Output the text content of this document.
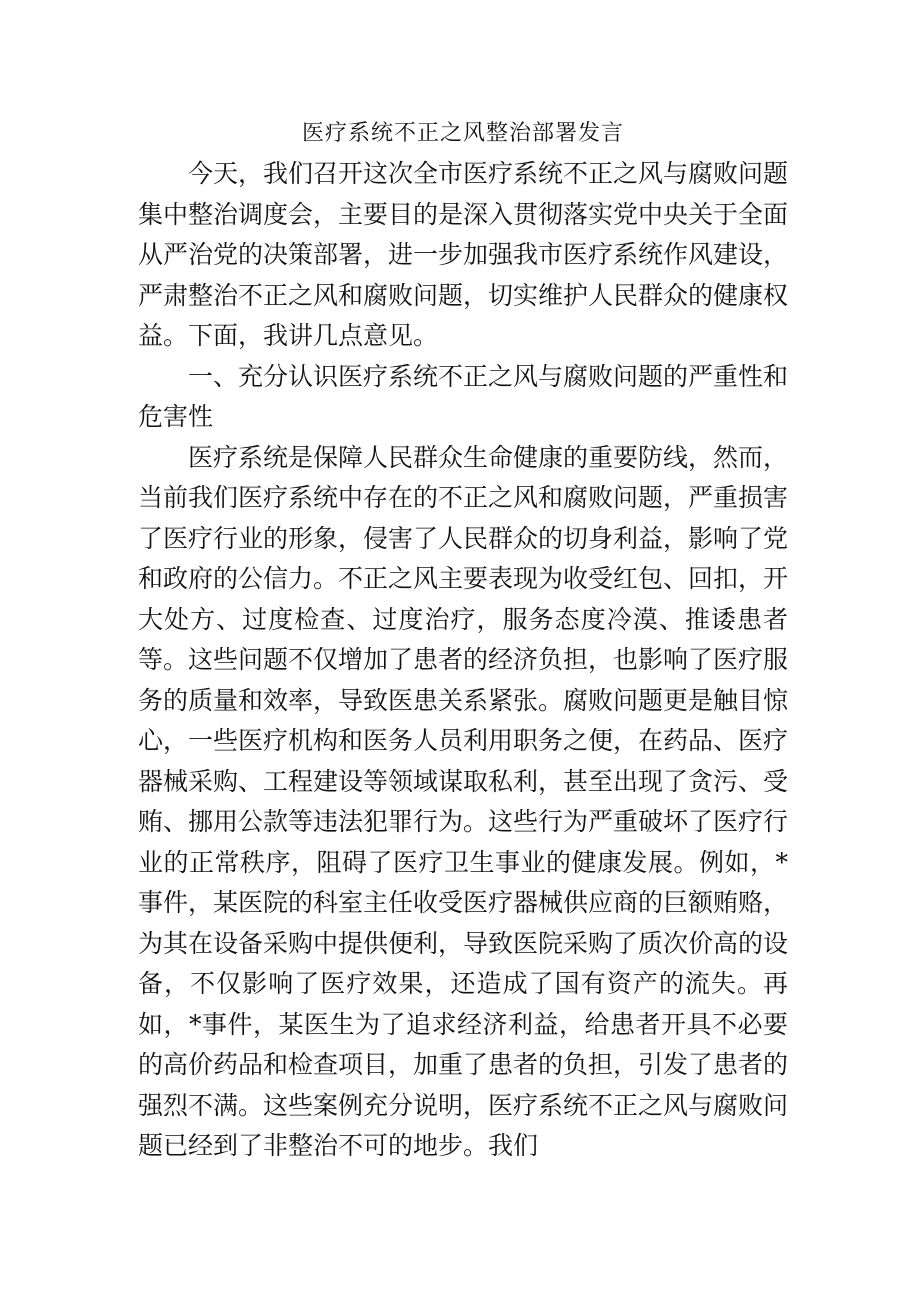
医疗系统不正之风整治部署发言

今天，我们召开这次全市医疗系统不正之风与腐败问题集中整治调度会，主要目的是深入贯彻落实党中央关于全面从严治党的决策部署，进一步加强我市医疗系统作风建设，严肃整治不正之风和腐败问题，切实维护人民群众的健康权益。下面，我讲几点意见。

一、充分认识医疗系统不正之风与腐败问题的严重性和危害性

医疗系统是保障人民群众生命健康的重要防线，然而，当前我们医疗系统中存在的不正之风和腐败问题，严重损害了医疗行业的形象，侵害了人民群众的切身利益，影响了党和政府的公信力。不正之风主要表现为收受红包、回扣，开大处方、过度检查、过度治疗，服务态度冷漠、推诿患者等。这些问题不仅增加了患者的经济负担，也影响了医疗服务的质量和效率，导致医患关系紧张。腐败问题更是触目惊心，一些医疗机构和医务人员利用职务之便，在药品、医疗器械采购、工程建设等领域谋取私利，甚至出现了贪污、受贿、挪用公款等违法犯罪行为。这些行为严重破坏了医疗行业的正常秩序，阻碍了医疗卫生事业的健康发展。例如，*事件，某医院的科室主任收受医疗器械供应商的巨额贿赂，为其在设备采购中提供便利，导致医院采购了质次价高的设备，不仅影响了医疗效果，还造成了国有资产的流失。再如，*事件，某医生为了追求经济利益，给患者开具不必要的高价药品和检查项目，加重了患者的负担，引发了患者的强烈不满。这些案例充分说明，医疗系统不正之风与腐败问题已经到了非整治不可的地步。我们
